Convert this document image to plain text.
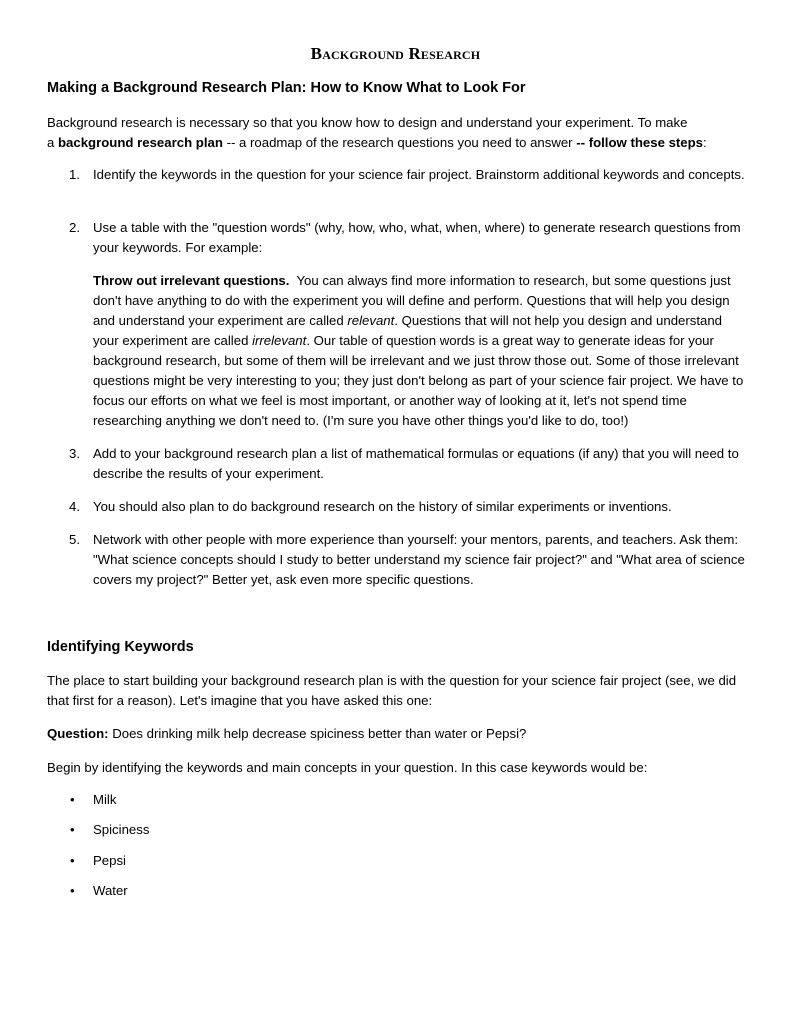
Background Research
Making a Background Research Plan: How to Know What to Look For
Background research is necessary so that you know how to design and understand your experiment. To make
a background research plan -- a roadmap of the research questions you need to answer -- follow these steps:
1. Identify the keywords in the question for your science fair project. Brainstorm additional keywords and concepts.
2. Use a table with the "question words" (why, how, who, what, when, where) to generate research questions from your keywords. For example:
Throw out irrelevant questions.  You can always find more information to research, but some questions just don't have anything to do with the experiment you will define and perform. Questions that will help you design and understand your experiment are called relevant. Questions that will not help you design and understand your experiment are called irrelevant. Our table of question words is a great way to generate ideas for your background research, but some of them will be irrelevant and we just throw those out. Some of those irrelevant questions might be very interesting to you; they just don't belong as part of your science fair project. We have to focus our efforts on what we feel is most important, or another way of looking at it, let's not spend time researching anything we don't need to. (I'm sure you have other things you'd like to do, too!)
3. Add to your background research plan a list of mathematical formulas or equations (if any) that you will need to describe the results of your experiment.
4. You should also plan to do background research on the history of similar experiments or inventions.
5. Network with other people with more experience than yourself: your mentors, parents, and teachers. Ask them: "What science concepts should I study to better understand my science fair project?" and "What area of science covers my project?" Better yet, ask even more specific questions.
Identifying Keywords
The place to start building your background research plan is with the question for your science fair project (see, we did that first for a reason). Let's imagine that you have asked this one:
Question: Does drinking milk help decrease spiciness better than water or Pepsi?
Begin by identifying the keywords and main concepts in your question. In this case keywords would be:
• Milk
• Spiciness
• Pepsi
• Water
